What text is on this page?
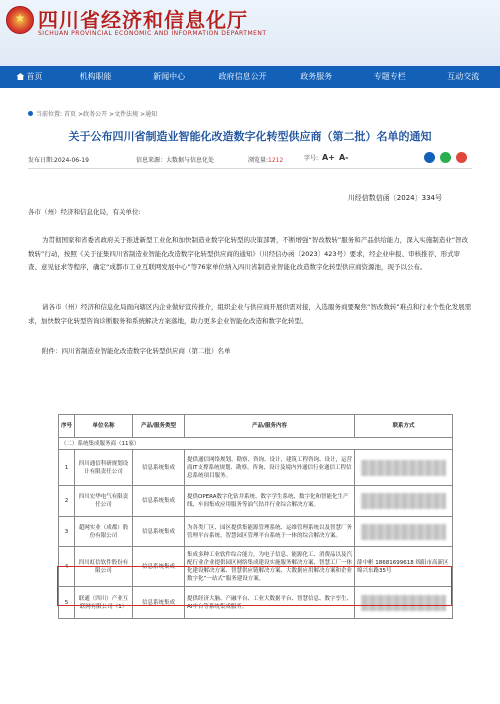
★ 四川省经济和信息化厅
SICHUAN PROVINCIAL ECONOMIC AND INFORMATION DEPARTMENT
首页	机构职能	新闻中心	政府信息公开	政务服务	专题专栏	互动交流
当前位置: 首页 >政务公开 >文件法规 >通知
关于公布四川省制造业智能化改造数字化转型供应商（第二批）名单的通知
发布日期:2024-06-19	信息来源：大数据与信息化处	浏览量:1212	字号: A+ A-
川经信数信函〔2024〕334号
各市（州）经济和信息化局，有关单位:
为贯彻国家和省委省政府关于推进新型工业化和加快制造业数字化转型的决策部署，不断增强“智改数转”服务和产品供给能力，深入实施制造业“智改数转”行动，按照《关于征集四川省制造业智能化改造数字化转型供应商的通知》（川经信办函〔2023〕423号）要求，经企业申报、审核推荐、形式审查、意见征求等程序，确定“成都市工业互联网发展中心”等76家单位纳入四川省制造业智能化改造数字化转型供应商资源池，现予以公布。
请各市（州）经济和信息化局面向辖区内企业做好宣传推介，组织企业与供应商开展供需对接，入选服务商要聚焦“智改数转”难点和行业个性化发展需求，加快数字化转型咨询诊断服务和系统解决方案落地，助力更多企业智能化改造和数字化转型。
附件：四川省制造业智能化改造数字化转型供应商（第二批）名单
序号	单位名称	产品/服务类型	产品/服务内容	联系方式
（二）系统集成服务商（11家）				
1	四川通信科研规划设计有限责任公司	信息系统集成	提供通信网络规划、勘察、咨询、设计，建筑工程咨询、设计，运营商IT支撑系统规划、勘察、咨询、设计及境内外通信行业通信工程信息系统项目服务。	

2	四川宏华电气有限责任公司	信息系统集成	提供OPERA数字化钻井系统、数字学生系统、数字化和智能化生产线、车间集成应用服务等油气钻井行业综合解决方案。	

3	超网实业（成都）股份有限公司	信息系统集成	为各类厂区、园区提供集能源管理系统、运维管理系统以及智慧厂务管理平台系统、智慧园区管理平台系统于一体的综合解决方案。	

4	四川虹信软件股份有限公司	信息系统集成	集成多种工业软件综合能力，为电子信息、能源化工、消费品以及汽配行业企业提供园区网络集成建设实施服务解决方案、智慧工厂一体化建设解决方案、智慧供应链解决方案、大数据应用解决方案和企业数字化“一站式”服务建设方案。	薛中彬 18681699618 绵阳市高新区绵兴东路35号
5	联通（四川）产业互联网有限公司（1）	信息系统集成	提供经济大脑、产融平台、工业大数据平台、智慧信息、数字孪生、AI中台等系统集成服务。	
